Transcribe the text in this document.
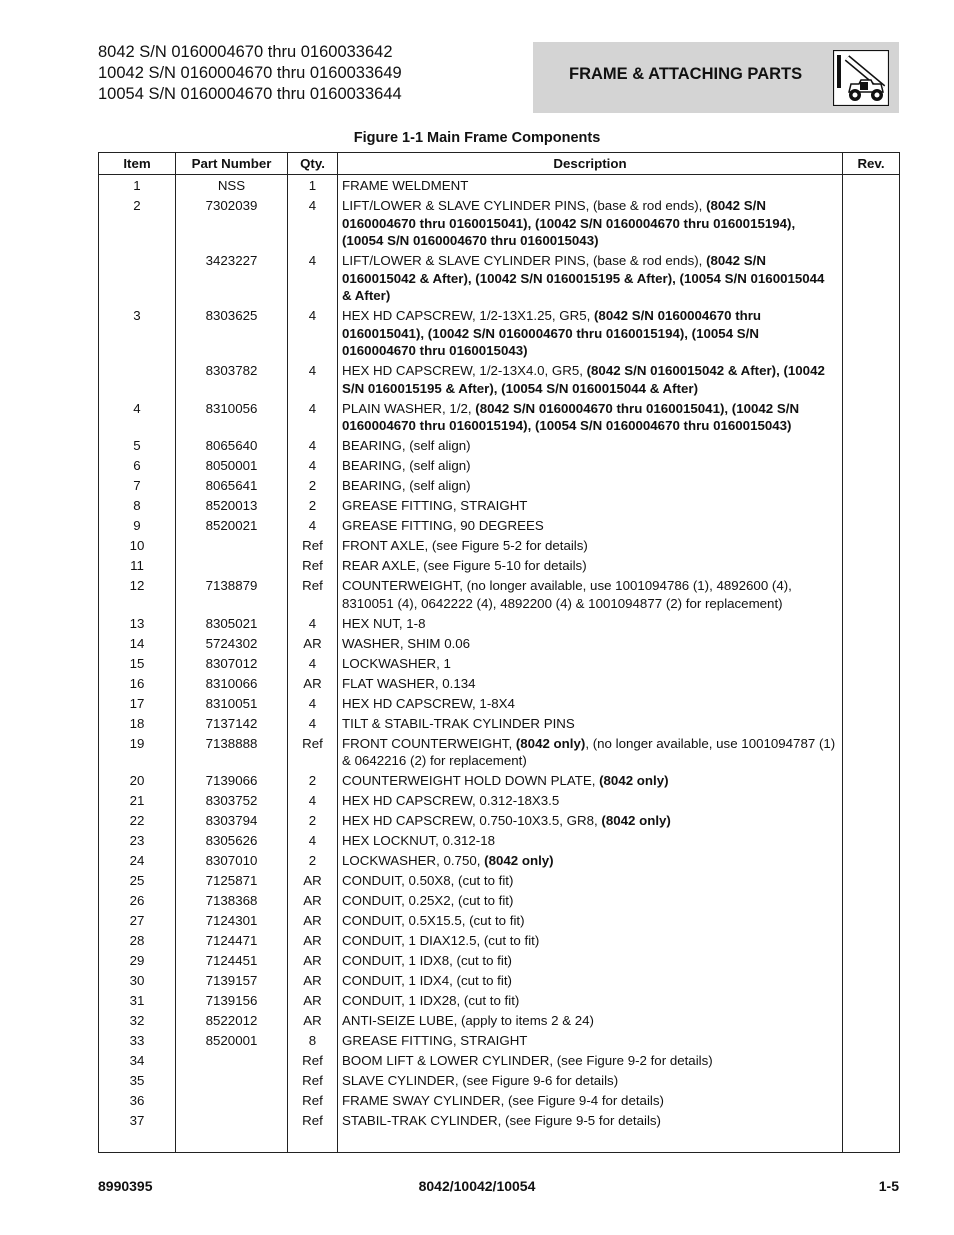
8042 S/N 0160004670 thru 0160033642
10042 S/N 0160004670 thru 0160033649
10054 S/N 0160004670 thru 0160033644
FRAME & ATTACHING PARTS
Figure 1-1 Main Frame Components
Item	Part Number	Qty.	Description	Rev.
1	NSS	1	FRAME WELDMENT	
2	7302039	4	LIFT/LOWER & SLAVE CYLINDER PINS, (base & rod ends), (8042 S/N 0160004670 thru 0160015041), (10042 S/N 0160004670 thru 0160015194), (10054 S/N 0160004670 thru 0160015043)	
	3423227	4	LIFT/LOWER & SLAVE CYLINDER PINS, (base & rod ends), (8042 S/N 0160015042 & After), (10042 S/N 0160015195 & After), (10054 S/N 0160015044 & After)	
3	8303625	4	HEX HD CAPSCREW, 1/2-13X1.25, GR5, (8042 S/N 0160004670 thru 0160015041), (10042 S/N 0160004670 thru 0160015194), (10054 S/N 0160004670 thru 0160015043)	
	8303782	4	HEX HD CAPSCREW, 1/2-13X4.0, GR5, (8042 S/N 0160015042 & After), (10042 S/N 0160015195 & After), (10054 S/N 0160015044 & After)	
4	8310056	4	PLAIN WASHER, 1/2, (8042 S/N 0160004670 thru 0160015041), (10042 S/N 0160004670 thru 0160015194), (10054 S/N 0160004670 thru 0160015043)	
5	8065640	4	BEARING, (self align)	
6	8050001	4	BEARING, (self align)	
7	8065641	2	BEARING, (self align)	
8	8520013	2	GREASE FITTING, STRAIGHT	
9	8520021	4	GREASE FITTING, 90 DEGREES	
10		Ref	FRONT AXLE, (see Figure 5-2 for details)	
11		Ref	REAR AXLE, (see Figure 5-10 for details)	
12	7138879	Ref	COUNTERWEIGHT, (no longer available, use 1001094786 (1), 4892600 (4), 8310051 (4), 0642222 (4), 4892200 (4) & 1001094877 (2) for replacement)	
13	8305021	4	HEX NUT, 1-8	
14	5724302	AR	WASHER, SHIM 0.06	
15	8307012	4	LOCKWASHER, 1	
16	8310066	AR	FLAT WASHER, 0.134	
17	8310051	4	HEX HD CAPSCREW, 1-8X4	
18	7137142	4	TILT & STABIL-TRAK CYLINDER PINS	
19	7138888	Ref	FRONT COUNTERWEIGHT, (8042 only), (no longer available, use 1001094787 (1) & 0642216 (2) for replacement)	
20	7139066	2	COUNTERWEIGHT HOLD DOWN PLATE, (8042 only)	
21	8303752	4	HEX HD CAPSCREW, 0.312-18X3.5	
22	8303794	2	HEX HD CAPSCREW, 0.750-10X3.5, GR8, (8042 only)	
23	8305626	4	HEX LOCKNUT, 0.312-18	
24	8307010	2	LOCKWASHER, 0.750, (8042 only)	
25	7125871	AR	CONDUIT, 0.50X8, (cut to fit)	
26	7138368	AR	CONDUIT, 0.25X2, (cut to fit)	
27	7124301	AR	CONDUIT, 0.5X15.5, (cut to fit)	
28	7124471	AR	CONDUIT, 1 DIAX12.5, (cut to fit)	
29	7124451	AR	CONDUIT, 1 IDX8, (cut to fit)	
30	7139157	AR	CONDUIT, 1 IDX4, (cut to fit)	
31	7139156	AR	CONDUIT, 1 IDX28, (cut to fit)	
32	8522012	AR	ANTI-SEIZE LUBE, (apply to items 2 & 24)	
33	8520001	8	GREASE FITTING, STRAIGHT	
34		Ref	BOOM LIFT & LOWER CYLINDER, (see Figure 9-2 for details)	
35		Ref	SLAVE CYLINDER, (see Figure 9-6 for details)	
36		Ref	FRAME SWAY CYLINDER, (see Figure 9-4 for details)	
37		Ref	STABIL-TRAK CYLINDER, (see Figure 9-5 for details)	

8990395	8042/10042/10054	1-5
